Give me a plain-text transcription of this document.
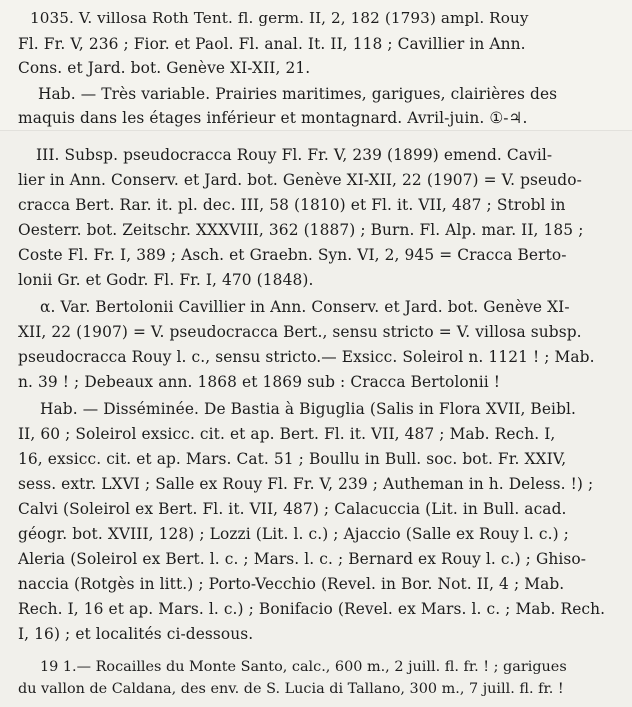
1035. V. villosa Roth Tent. fl. germ. II, 2, 182 (1793) ampl. Rouy
Fl. Fr. V, 236 ; Fior. et Paol. Fl. anal. It. II, 118 ; Cavillier in Ann.
Cons. et Jard. bot. Genève XI-XII, 21.
Hab. — Très variable. Prairies maritimes, garigues, clairières des
maquis dans les étages inférieur et montagnard. Avril-juin. ①-♃.
III. Subsp. pseudocracca Rouy Fl. Fr. V, 239 (1899) emend. Cavil-
lier in Ann. Conserv. et Jard. bot. Genève XI-XII, 22 (1907) = V. pseudo-
cracca Bert. Rar. it. pl. dec. III, 58 (1810) et Fl. it. VII, 487 ; Strobl in
Oesterr. bot. Zeitschr. XXXVIII, 362 (1887) ; Burn. Fl. Alp. mar. II, 185 ;
Coste Fl. Fr. I, 389 ; Asch. et Graebn. Syn. VI, 2, 945 = Cracca Berto-
lonii Gr. et Godr. Fl. Fr. I, 470 (1848).
α. Var. Bertolonii Cavillier in Ann. Conserv. et Jard. bot. Genève XI-
XII, 22 (1907) = V. pseudocracca Bert., sensu stricto = V. villosa subsp.
pseudocracca Rouy l. c., sensu stricto.— Exsicc. Soleirol n. 1121 ! ; Mab.
n. 39 ! ; Debeaux ann. 1868 et 1869 sub : Cracca Bertolonii !
Hab. — Disséminée. De Bastia à Biguglia (Salis in Flora XVII, Beibl.
II, 60 ; Soleirol exsicc. cit. et ap. Bert. Fl. it. VII, 487 ; Mab. Rech. I,
16, exsicc. cit. et ap. Mars. Cat. 51 ; Boullu in Bull. soc. bot. Fr. XXIV,
sess. extr. LXVI ; Salle ex Rouy Fl. Fr. V, 239 ; Autheman in h. Deless. !) ;
Calvi (Soleirol ex Bert. Fl. it. VII, 487) ; Calacuccia (Lit. in Bull. acad.
géogr. bot. XVIII, 128) ; Lozzi (Lit. l. c.) ; Ajaccio (Salle ex Rouy l. c.) ;
Aleria (Soleirol ex Bert. l. c. ; Mars. l. c. ; Bernard ex Rouy l. c.) ; Ghiso-
naccia (Rotgès in litt.) ; Porto-Vecchio (Revel. in Bor. Not. II, 4 ; Mab.
Rech. I, 16 et ap. Mars. l. c.) ; Bonifacio (Revel. ex Mars. l. c. ; Mab. Rech.
I, 16) ; et localités ci-dessous.
19 1.— Rocailles du Monte Santo, calc., 600 m., 2 juill. fl. fr. ! ; garigues
du vallon de Caldana, des env. de S. Lucia di Tallano, 300 m., 7 juill. fl. fr. !
